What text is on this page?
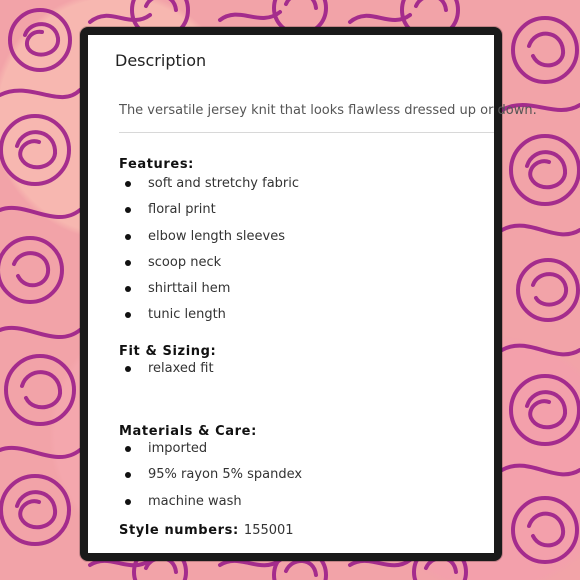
Description
The versatile jersey knit that looks flawless dressed up or down.
Features:
soft and stretchy fabric
floral print
elbow length sleeves
scoop neck
shirttail hem
tunic length
Fit & Sizing:
relaxed fit
Materials & Care:
imported
95% rayon 5% spandex
machine wash
Style numbers: 155001
